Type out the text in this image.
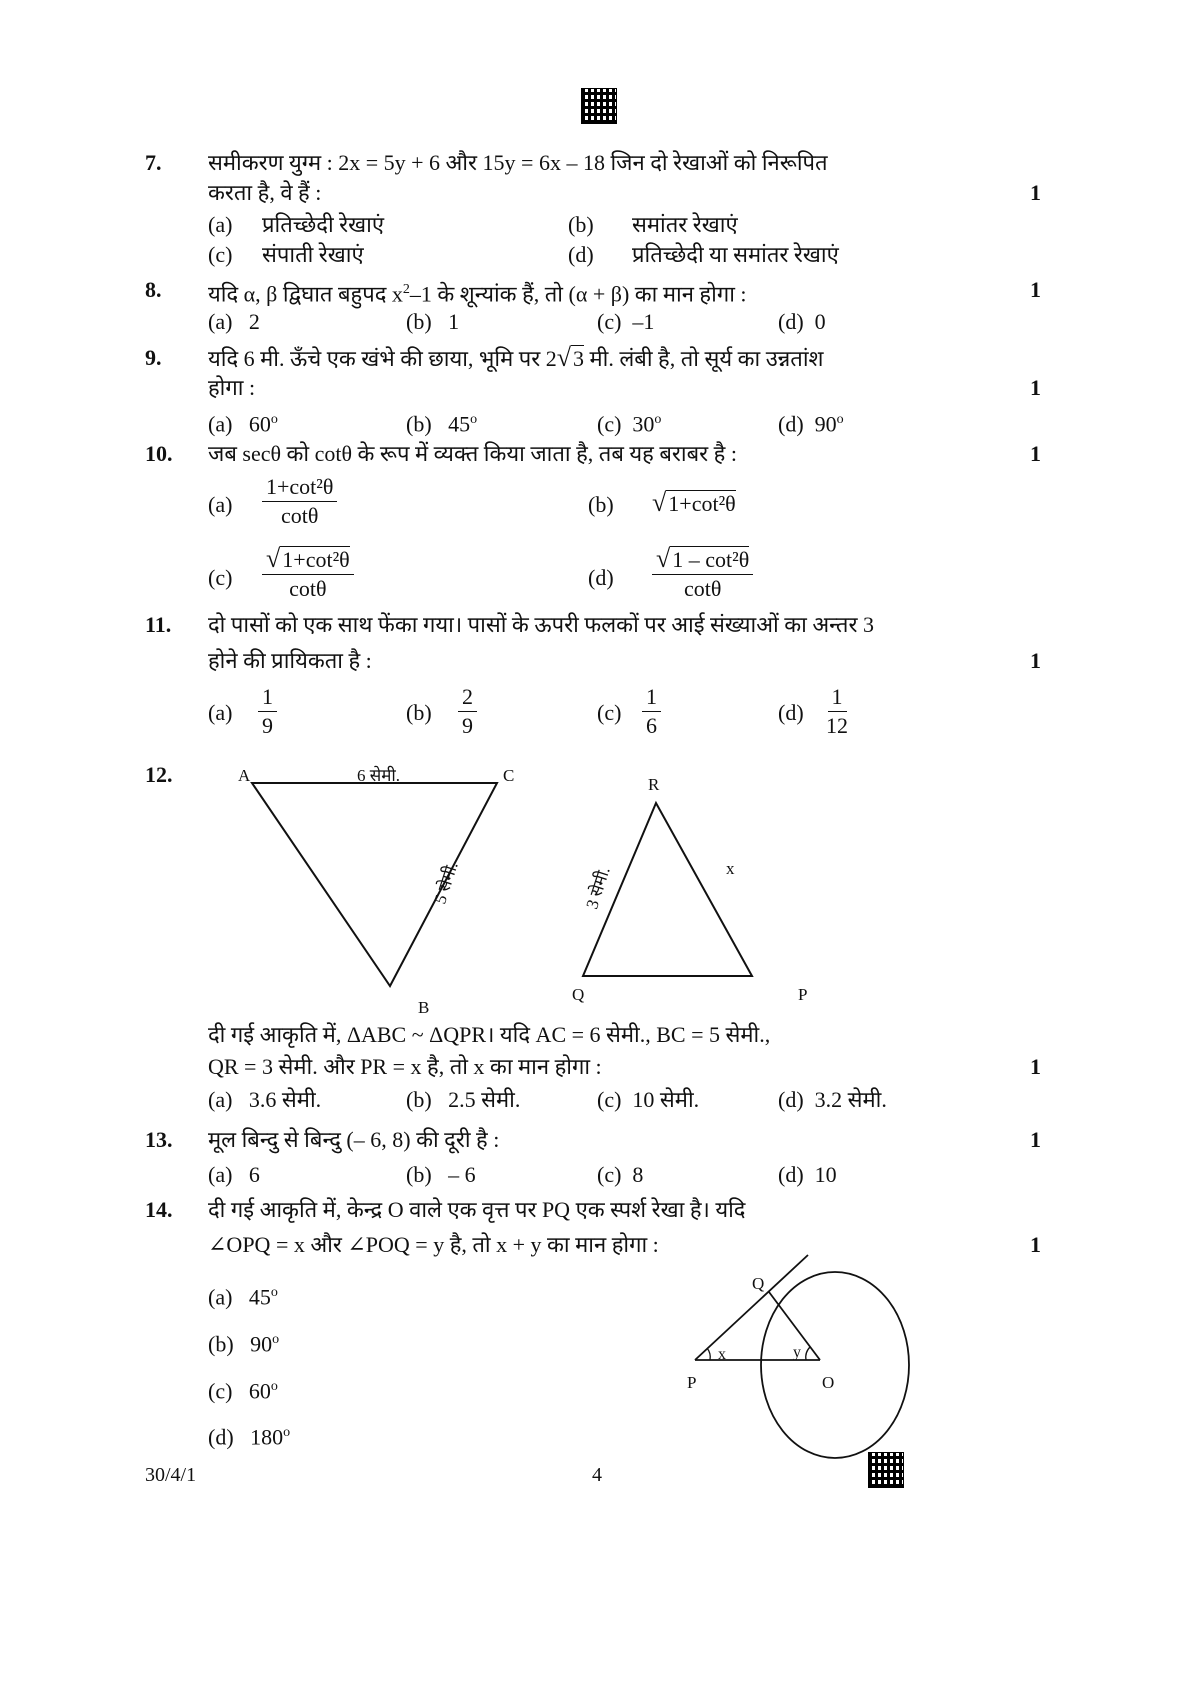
7. समीकरण युग्म : 2x = 5y + 6 और 15y = 6x – 18 जिन दो रेखाओं को निरूपित
करता है, वे हैं :	1
(a) प्रतिच्छेदी रेखाएं	(b) समांतर रेखाएं
(c) संपाती रेखाएं	(d) प्रतिच्छेदी या समांतर रेखाएं
8. यदि α, β द्विघात बहुपद $x^2-1$ के शून्यांक हैं, तो (α + β) का मान होगा :	1
(a) 2	(b) 1	(c) –1	(d) 0
9. यदि 6 मी. ऊँचे एक खंभे की छाया, भूमि पर 2√3 मी. लंबी है, तो सूर्य का उन्नतांश
होगा :	1
(a) 60$^o$	(b) 45$^o$	(c) 30$^o$	(d) 90$^o$
10. जब secθ को cotθ के रूप में व्यक्त किया जाता है, तब यह बराबर है :	1
$(a) \frac{\text{1+cot²θ}}{\cot\theta}$	(b) √1+cot²θ
$(c) \frac{\text{√1+cot²θ}}{\cot\theta}$	$(d) \frac{\text{√1 – cot²θ}}{\cot\theta}$
11. दो पासों को एक साथ फेंका गया। पासों के ऊपरी फलकों पर आई संख्याओं का अन्तर 3
होने की प्रायिकता है :	1
$(a) \frac{1}{9}$	$(b) \frac{2}{9}$	$(c) \frac{1}{6}$	$(d) \frac{1}{12}$
12.	A	6 सेमी.	C
B
5 सेमी.
R
3 सेमी.	x
Q	P
दी गई आकृति में, ΔABC ~ ΔQPR। यदि AC = 6 सेमी., BC = 5 सेमी.,
QR = 3 सेमी. और PR = x है, तो x का मान होगा :	1
(a) 3.6 सेमी.	(b) 2.5 सेमी.	(c) 10 सेमी.	(d) 3.2 सेमी.
13. मूल बिन्दु से बिन्दु (– 6, 8) की दूरी है :	1
(a) 6	(b) – 6	(c) 8	(d) 10
14. दी गई आकृति में, केन्द्र O वाले एक वृत्त पर PQ एक स्पर्श रेखा है। यदि
∠OPQ = x और ∠POQ = y है, तो x + y का मान होगा :	1
(a) 45$^o$
(b) 90$^o$
(c) 60$^o$
(d) 180$^o$
Q
P	O
x	y
30/4/1	4
